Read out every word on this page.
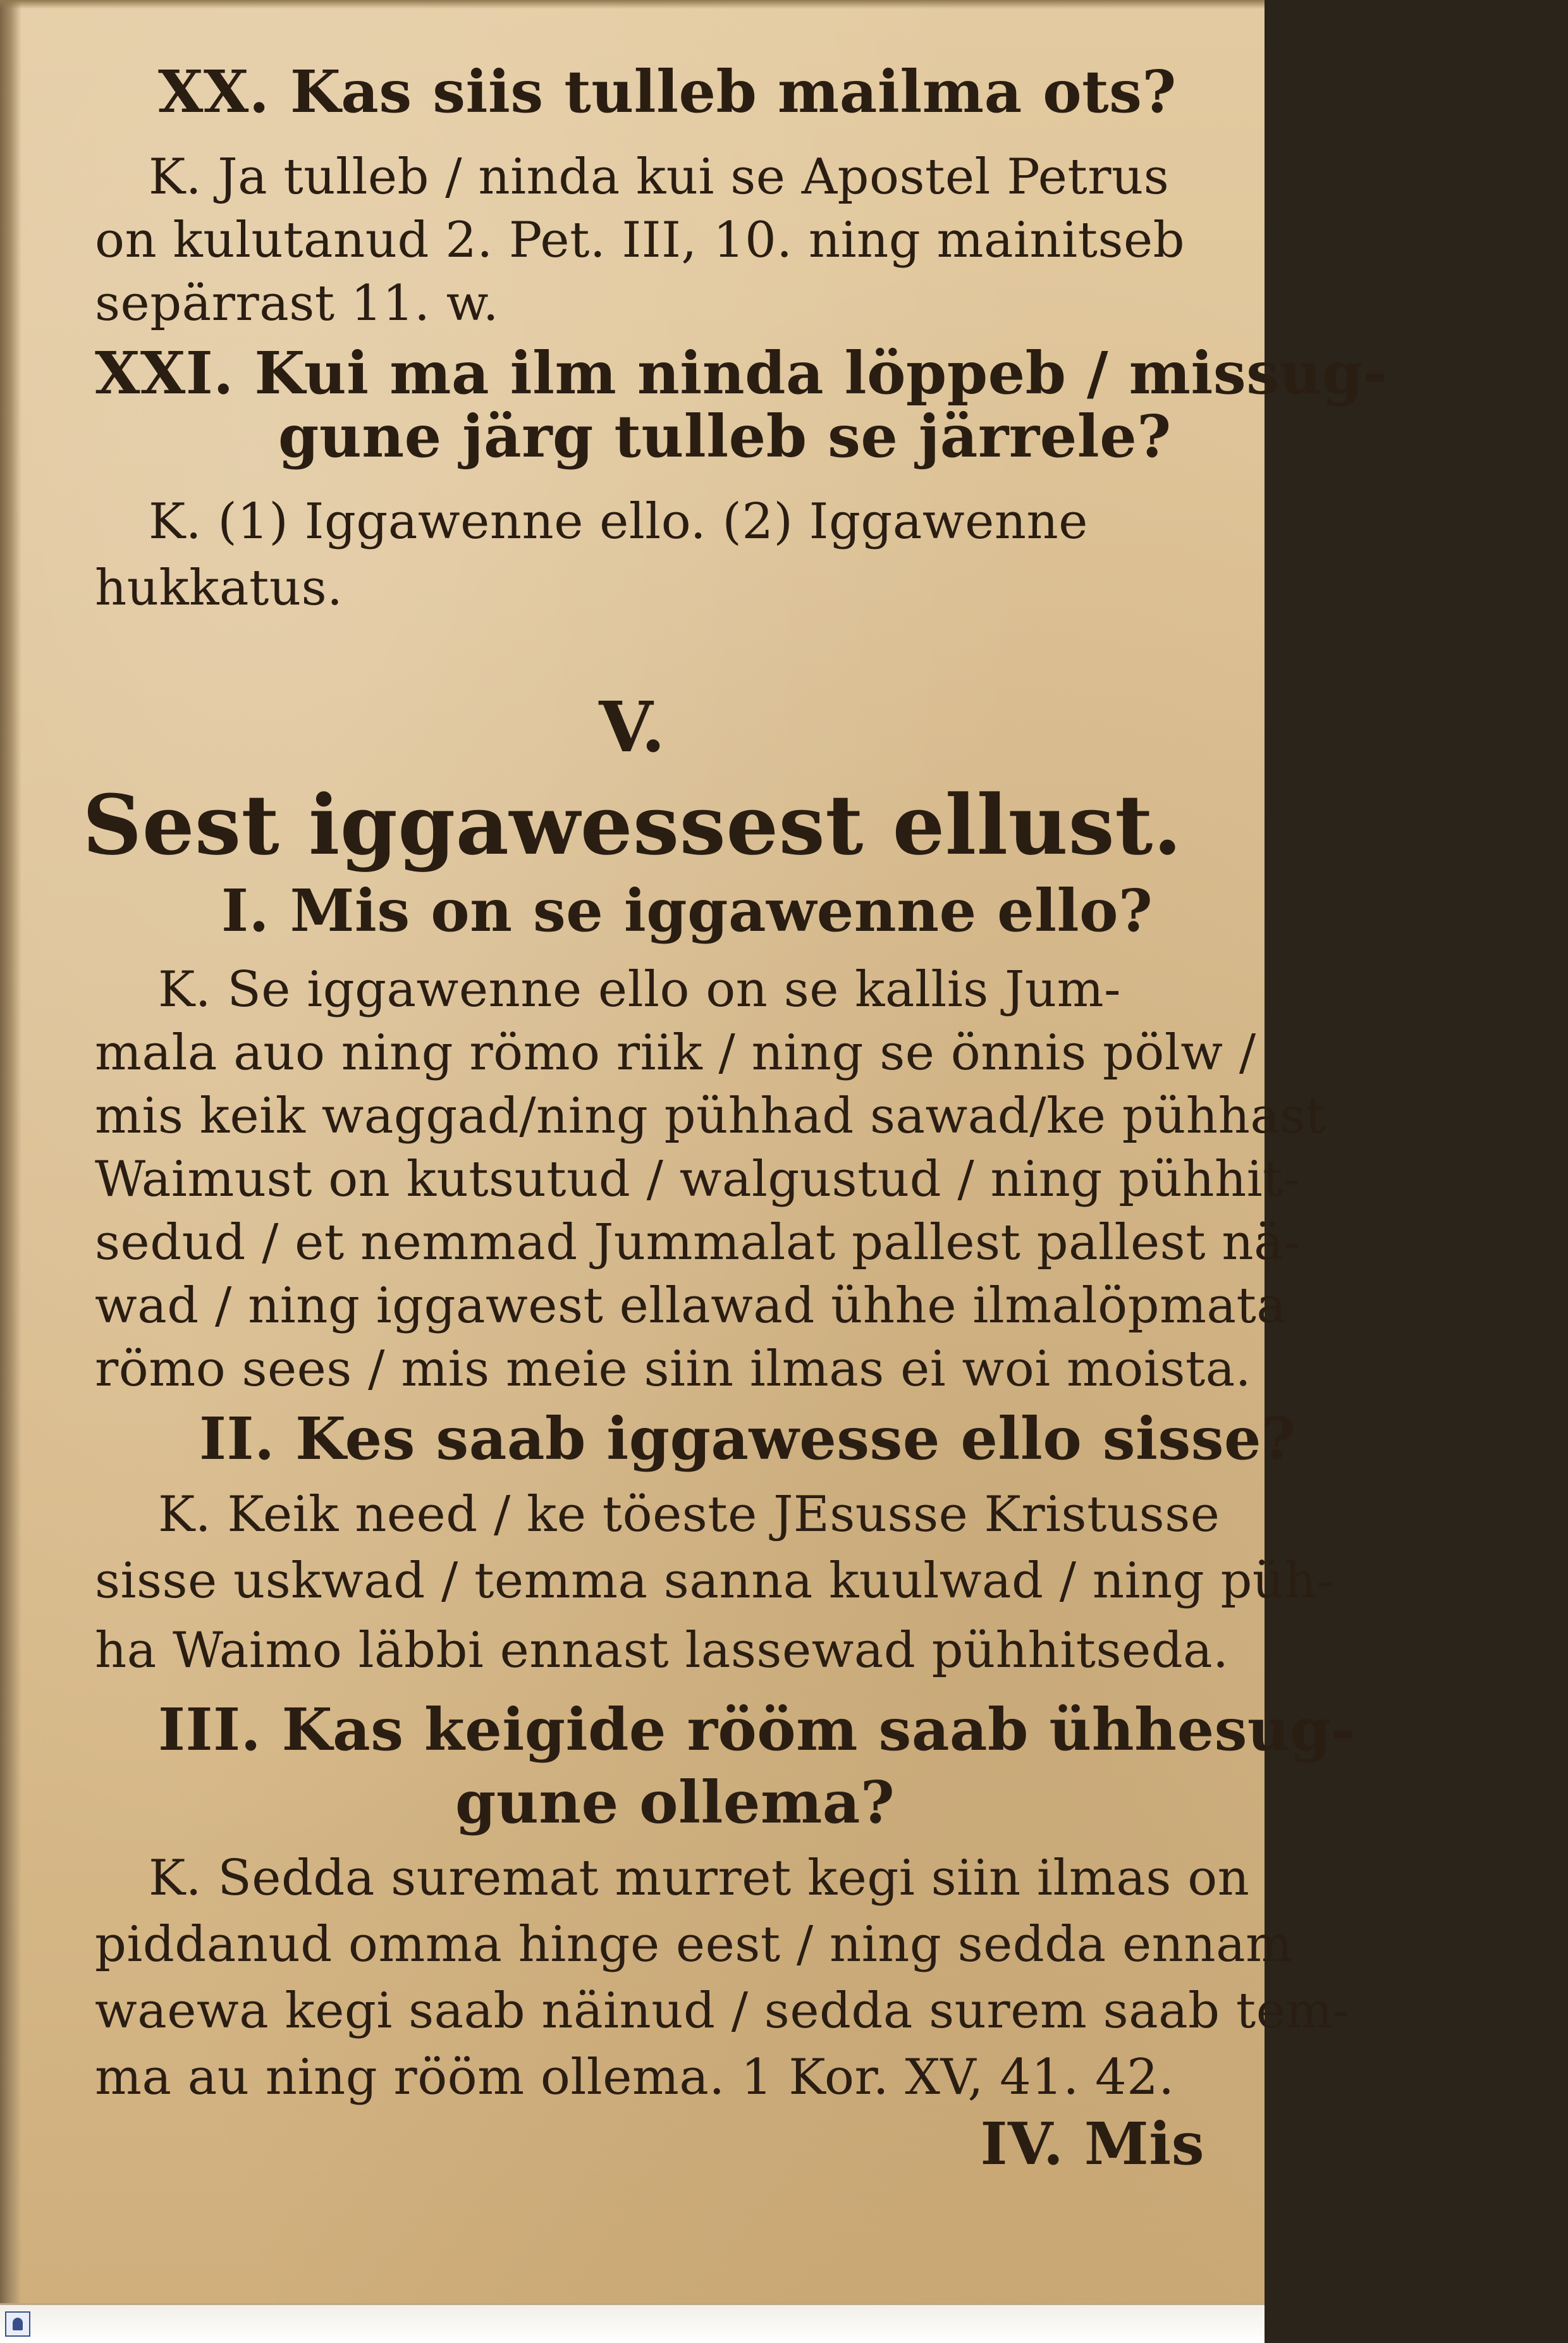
XX. Kas siis tulleb mailma ots?
K. Ja tulleb / ninda kui se Apostel Petrus
on kulutanud 2. Pet. III, 10. ning mainitseb
sepärrast 11. w.
XXI. Kui ma ilm ninda löppeb / missug-
gune järg tulleb se järrele?
K. (1) Iggawenne ello. (2) Iggawenne
hukkatus.
V.
Sest iggawessest ellust.
I. Mis on se iggawenne ello?
K. Se iggawenne ello on se kallis Jum-
mala auo ning römo riik / ning se önnis pölw /
mis keik waggad/ning pühhad sawad/ke pühhast
Waimust on kutsutud / walgustud / ning pühhit-
sedud / et nemmad Jummalat pallest pallest nä-
wad / ning iggawest ellawad ühhe ilmalöpmata
römo sees / mis meie siin ilmas ei woi moista.
II. Kes saab iggawesse ello sisse?
K. Keik need / ke töeste JEsusse Kristusse
sisse uskwad / temma sanna kuulwad / ning püh-
ha Waimo läbbi ennast lassewad pühhitseda.
III. Kas keigide rööm saab ühhesug-
gune ollema?
K. Sedda suremat murret kegi siin ilmas on
piddanud omma hinge eest / ning sedda ennam
waewa kegi saab näinud / sedda surem saab tem-
ma au ning rööm ollema. 1 Kor. XV, 41. 42.
IV. Mis
